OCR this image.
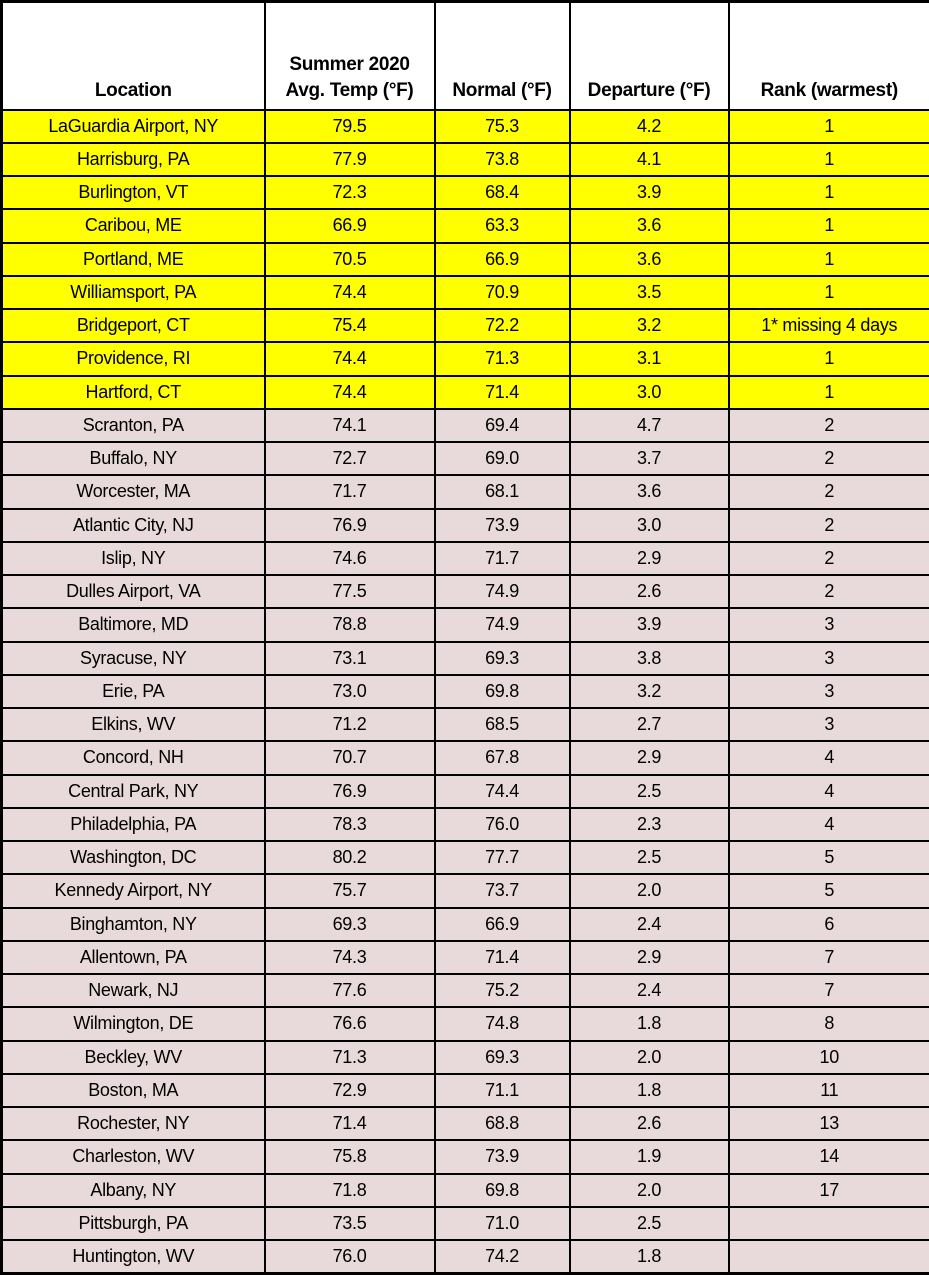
Location	Summer 2020
Avg. Temp (°F)	Normal (°F)	Departure (°F)	Rank (warmest)

LaGuardia Airport, NY	79.5	75.3	4.2	1
Harrisburg, PA	77.9	73.8	4.1	1
Burlington, VT	72.3	68.4	3.9	1
Caribou, ME	66.9	63.3	3.6	1
Portland, ME	70.5	66.9	3.6	1
Williamsport, PA	74.4	70.9	3.5	1
Bridgeport, CT	75.4	72.2	3.2	1* missing 4 days
Providence, RI	74.4	71.3	3.1	1
Hartford, CT	74.4	71.4	3.0	1
Scranton, PA	74.1	69.4	4.7	2
Buffalo, NY	72.7	69.0	3.7	2
Worcester, MA	71.7	68.1	3.6	2
Atlantic City, NJ	76.9	73.9	3.0	2
Islip, NY	74.6	71.7	2.9	2
Dulles Airport, VA	77.5	74.9	2.6	2
Baltimore, MD	78.8	74.9	3.9	3
Syracuse, NY	73.1	69.3	3.8	3
Erie, PA	73.0	69.8	3.2	3
Elkins, WV	71.2	68.5	2.7	3
Concord, NH	70.7	67.8	2.9	4
Central Park, NY	76.9	74.4	2.5	4
Philadelphia, PA	78.3	76.0	2.3	4
Washington, DC	80.2	77.7	2.5	5
Kennedy Airport, NY	75.7	73.7	2.0	5
Binghamton, NY	69.3	66.9	2.4	6
Allentown, PA	74.3	71.4	2.9	7
Newark, NJ	77.6	75.2	2.4	7
Wilmington, DE	76.6	74.8	1.8	8
Beckley, WV	71.3	69.3	2.0	10
Boston, MA	72.9	71.1	1.8	11
Rochester, NY	71.4	68.8	2.6	13
Charleston, WV	75.8	73.9	1.9	14
Albany, NY	71.8	69.8	2.0	17
Pittsburgh, PA	73.5	71.0	2.5	
Huntington, WV	76.0	74.2	1.8	
